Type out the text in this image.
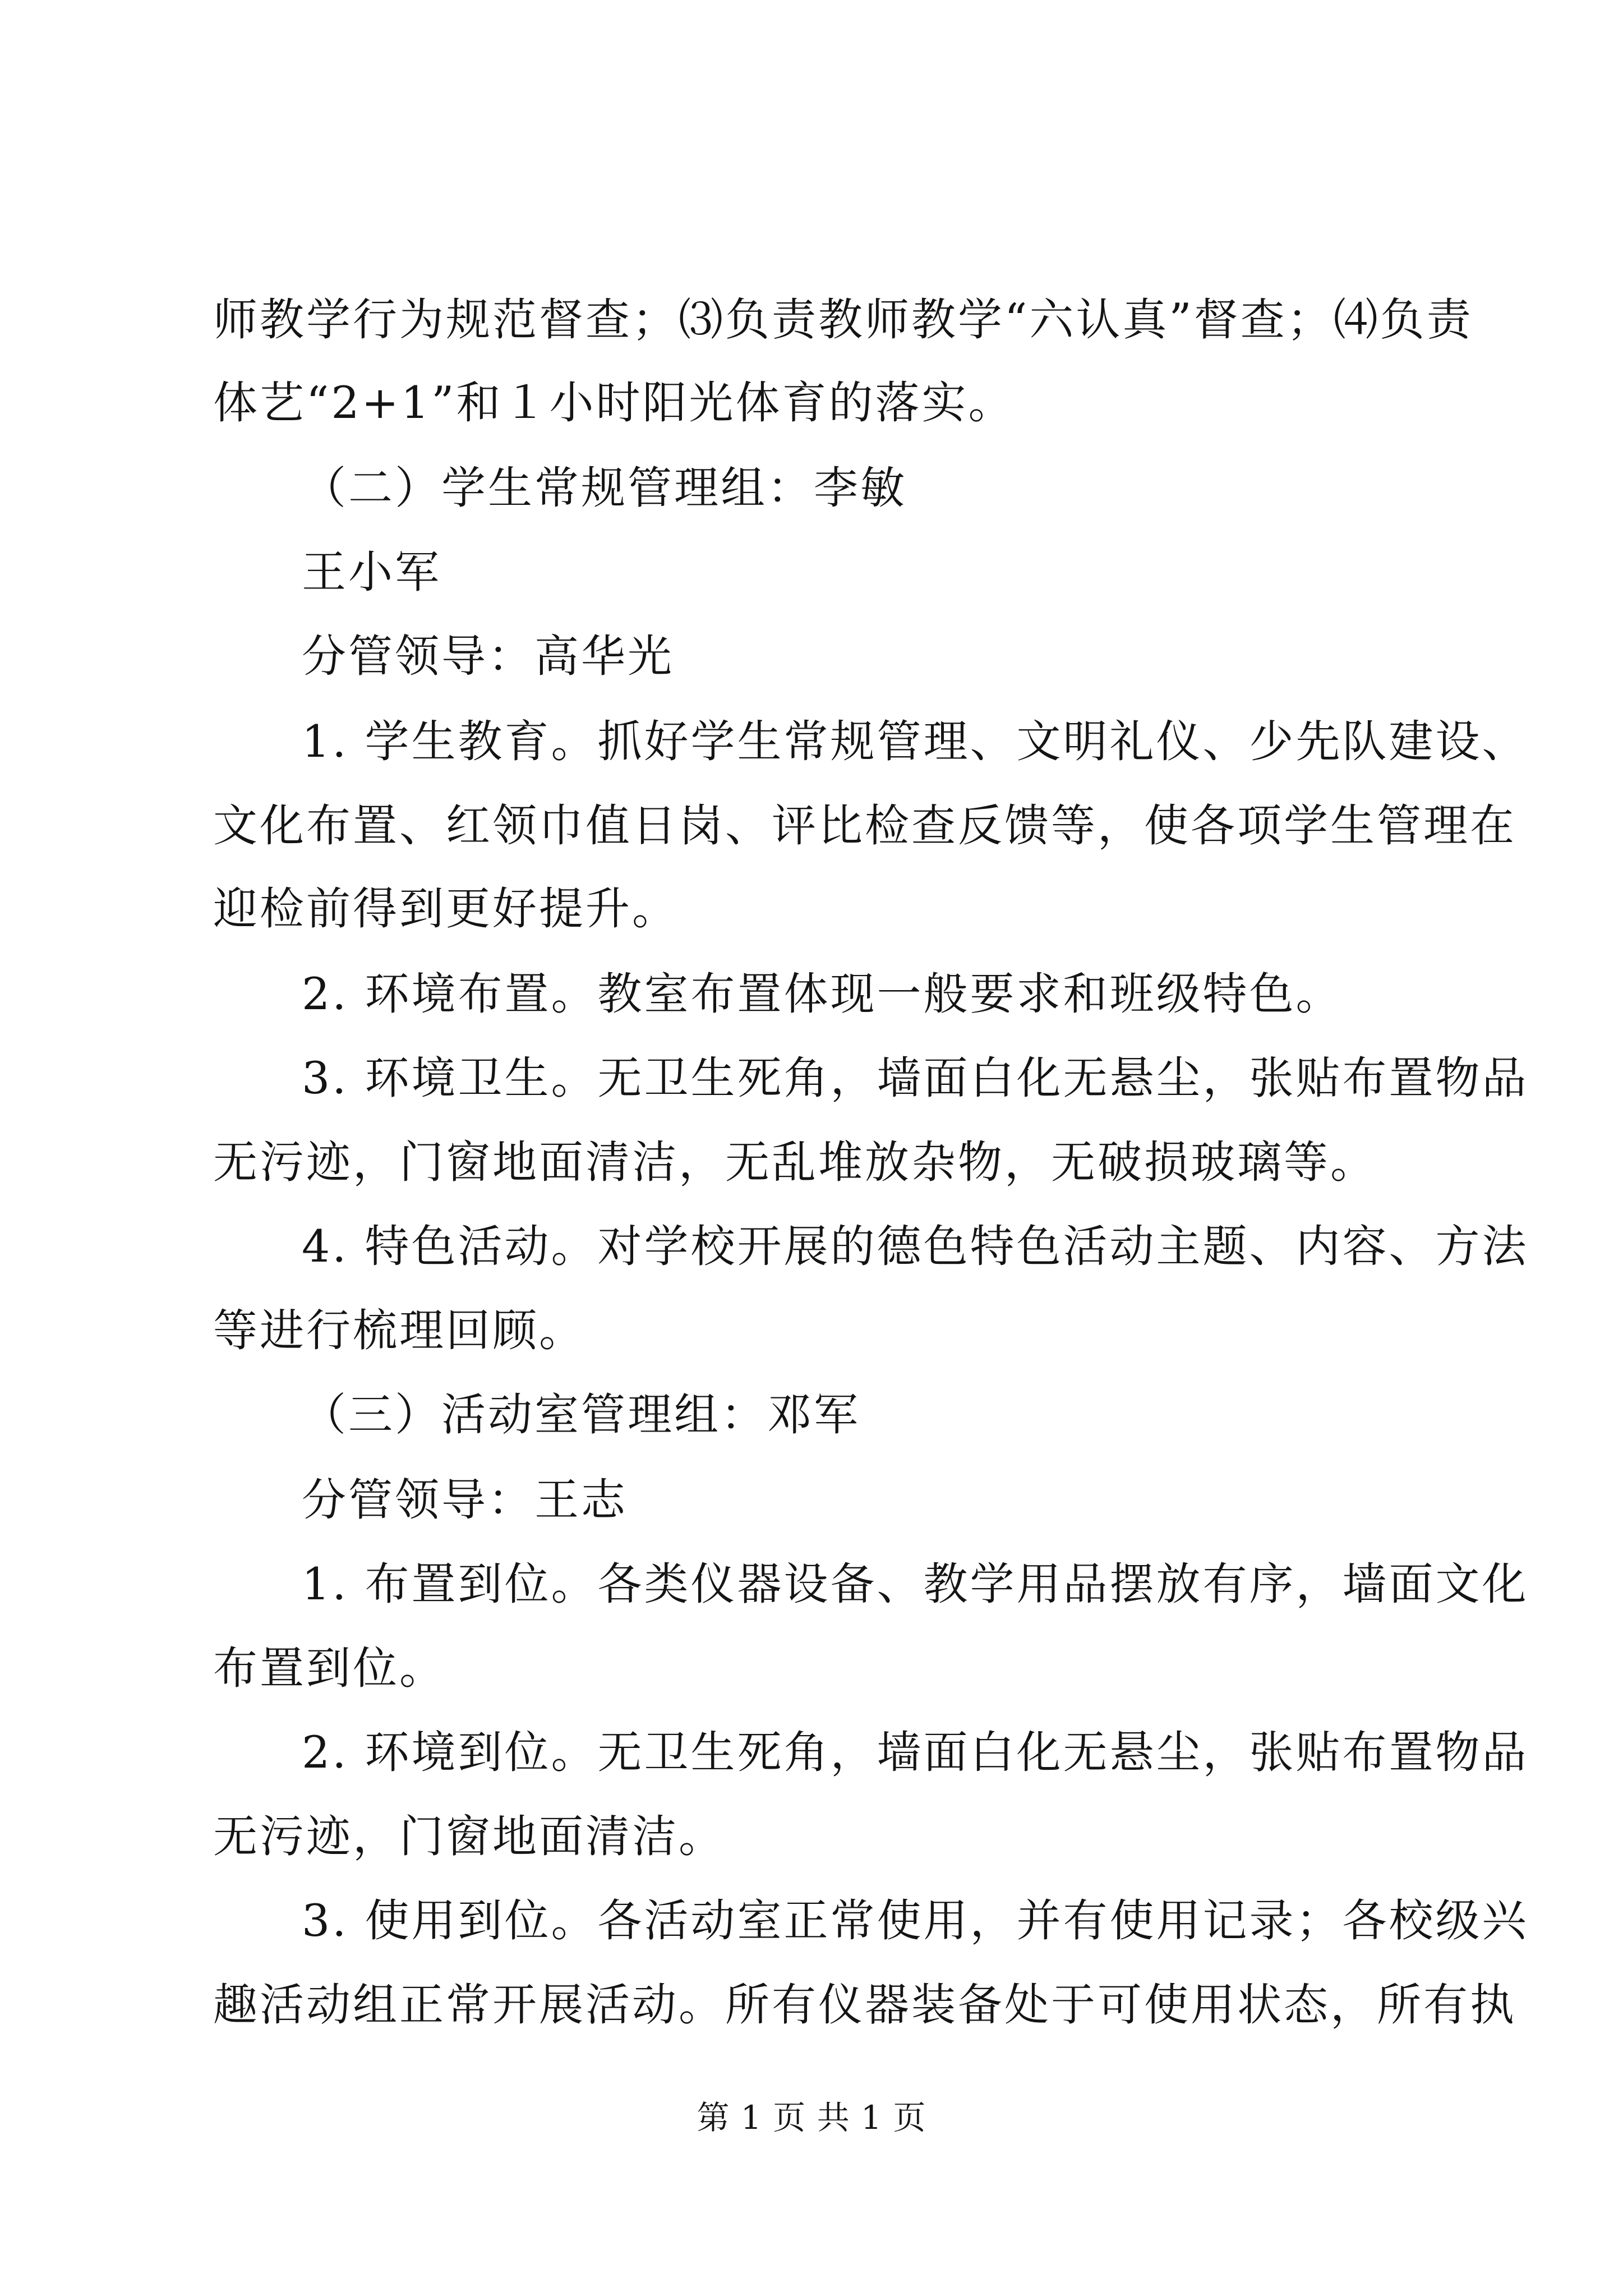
师教学行为规范督查；⑶负责教师教学“六认真”督查；⑷负责
体艺“2+1”和１小时阳光体育的落实。
（二）学生常规管理组：李敏
王小军
分管领导：高华光
1. 学生教育。抓好学生常规管理、文明礼仪、少先队建设、
文化布置、红领巾值日岗、评比检查反馈等，使各项学生管理在
迎检前得到更好提升。
2. 环境布置。教室布置体现一般要求和班级特色。
3. 环境卫生。无卫生死角，墙面白化无悬尘，张贴布置物品
无污迹，门窗地面清洁，无乱堆放杂物，无破损玻璃等。
4. 特色活动。对学校开展的德色特色活动主题、内容、方法
等进行梳理回顾。
（三）活动室管理组：邓军
分管领导：王志
1. 布置到位。各类仪器设备、教学用品摆放有序，墙面文化
布置到位。
2. 环境到位。无卫生死角，墙面白化无悬尘，张贴布置物品
无污迹，门窗地面清洁。
3. 使用到位。各活动室正常使用，并有使用记录；各校级兴
趣活动组正常开展活动。所有仪器装备处于可使用状态，所有执
第 1 页 共 1 页
